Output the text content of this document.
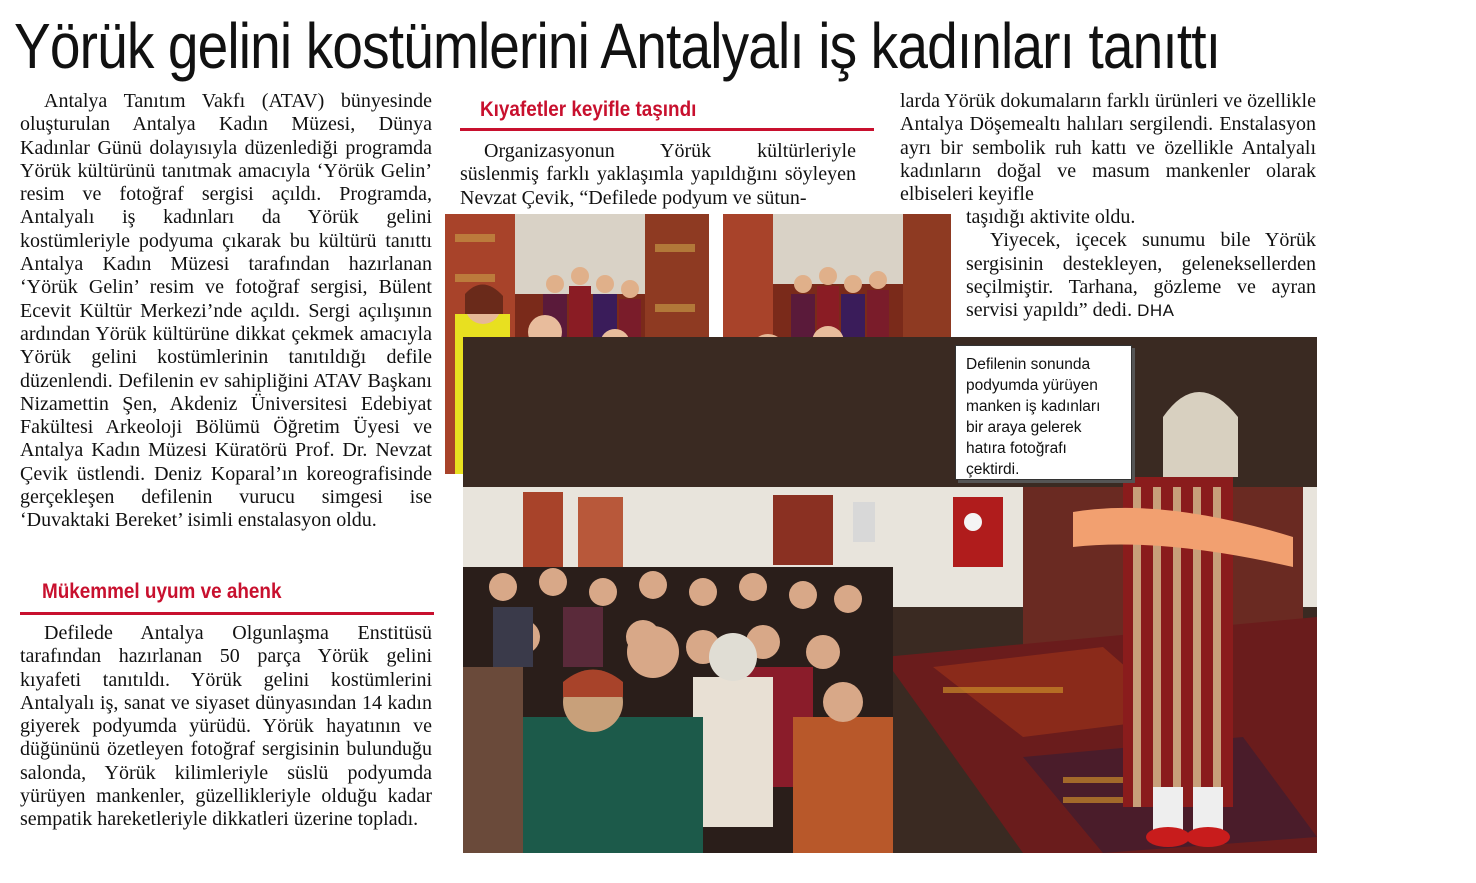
Yörük gelini kostümlerini Antalyalı iş kadınları tanıttı

Antalya Tanıtım Vakfı (ATAV) bünyesinde oluşturulan Antalya Kadın Müzesi, Dünya Kadınlar Günü dolayısıyla düzenlediği programda Yörük kültürünü tanıtmak amacıyla ‘Yörük Gelin’ resim ve fotoğraf sergisi açıldı. Programda, Antalyalı iş kadınları da Yörük gelini kostümleriyle podyuma çıkarak bu kültürü tanıttı Antalya Kadın Müzesi tarafından hazırlanan ‘Yörük Gelin’ resim ve fotoğraf sergisi, Bülent Ecevit Kültür Merkezi’nde açıldı. Sergi açılışının ardından Yörük kültürüne dikkat çekmek amacıyla Yörük gelini kostümlerinin tanıtıldığı defile düzenlendi. Defilenin ev sahipliğini ATAV Başkanı Nizamettin Şen, Akdeniz Üniversitesi Edebiyat Fakültesi Arkeoloji Bölümü Öğretim Üyesi ve Antalya Kadın Müzesi Küratörü Prof. Dr. Nevzat Çevik üstlendi. Deniz Koparal’ın koreografisinde gerçekleşen defilenin vurucu simgesi ise ‘Duvaktaki Bereket’ isimli enstalasyon oldu.

Mükemmel uyum ve ahenk

Defilede Antalya Olgunlaşma Enstitüsü tarafından hazırlanan 50 parça Yörük gelini kıyafeti tanıtıldı. Yörük gelini kostümlerini Antalyalı iş, sanat ve siyaset dünyasından 14 kadın giyerek podyumda yürüdü. Yörük hayatının ve düğününü özetleyen fotoğraf sergisinin bulunduğu salonda, Yörük kilimleriyle süslü podyumda yürüyen mankenler, güzellikleriyle olduğu kadar sempatik hareketleriyle dikkatleri üzerine topladı.

Kıyafetler keyifle taşındı

Organizasyonun Yörük kültürleriyle süslenmiş farklı yaklaşımla yapıldığını söyleyen Nevzat Çevik, “Defilede podyum ve sütun-

larda Yörük dokumaların farklı ürünleri ve özellikle Antalya Döşemealtı halıları sergilendi. Enstalasyon ayrı bir sembolik ruh kattı ve özellikle Antalyalı kadınların doğal ve masum mankenler olarak elbiseleri keyifle

taşıdığı aktivite oldu.

Yiyecek, içecek sunumu bile Yörük sergisinin destekleyen, geleneksellerden seçilmiştir. Tarhana, gözleme ve ayran servisi yapıldı” dedi. DHA

Defilenin sonunda podyumda yürüyen manken iş kadınları bir araya gelerek hatıra fotoğrafı çektirdi.
